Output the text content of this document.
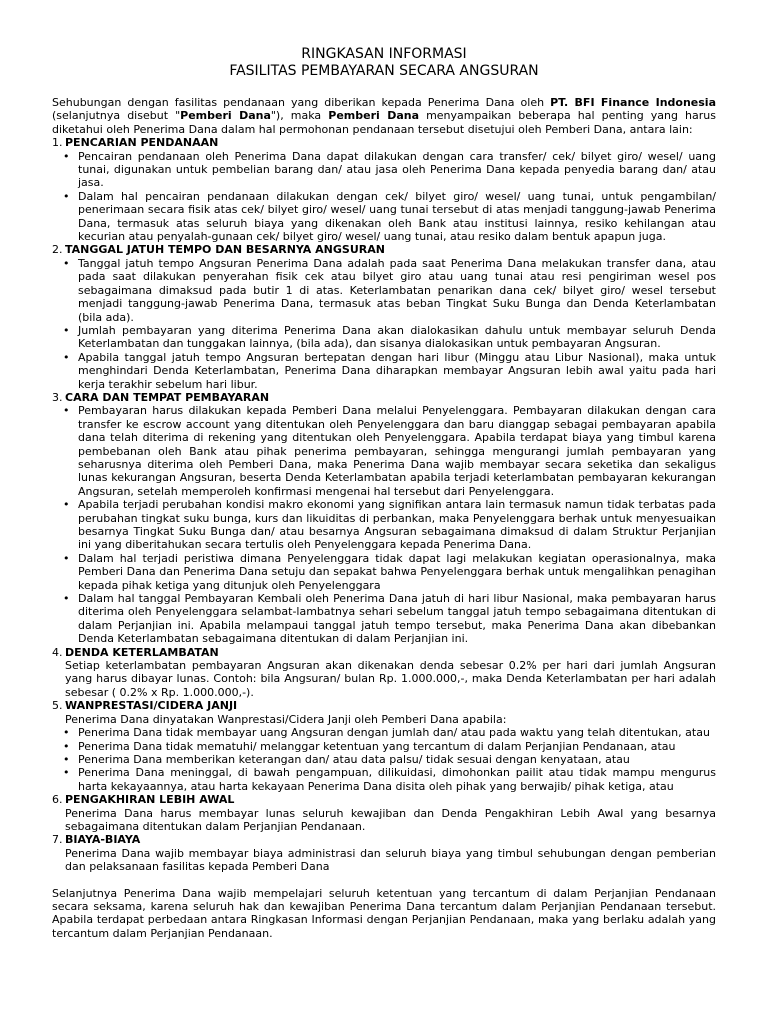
RINGKASAN INFORMASI

FASILITAS PEMBAYARAN SECARA ANGSURAN

Sehubungan dengan fasilitas pendanaan yang diberikan kepada Penerima Dana oleh PT. BFI Finance Indonesia (selanjutnya disebut "Pemberi Dana"), maka Pemberi Dana menyampaikan beberapa hal penting yang harus diketahui oleh Penerima Dana dalam hal permohonan pendanaan tersebut disetujui oleh Pemberi Dana, antara lain:

1. PENCARIAN PENDANAAN

• Pencairan pendanaan oleh Penerima Dana dapat dilakukan dengan cara transfer/ cek/ bilyet giro/ wesel/ uang tunai, digunakan untuk pembelian barang dan/ atau jasa oleh Penerima Dana kepada penyedia barang dan/ atau jasa.
• Dalam hal pencairan pendanaan dilakukan dengan cek/ bilyet giro/ wesel/ uang tunai, untuk pengambilan/ penerimaan secara fisik atas cek/ bilyet giro/ wesel/ uang tunai tersebut di atas menjadi tanggung-jawab Penerima Dana, termasuk atas seluruh biaya yang dikenakan oleh Bank atau institusi lainnya, resiko kehilangan atau kecurian atau penyalah-gunaan cek/ bilyet giro/ wesel/ uang tunai, atau resiko dalam bentuk apapun juga.

2. TANGGAL JATUH TEMPO DAN BESARNYA ANGSURAN

• Tanggal jatuh tempo Angsuran Penerima Dana adalah pada saat Penerima Dana melakukan transfer dana, atau pada saat dilakukan penyerahan fisik cek atau bilyet giro atau uang tunai atau resi pengiriman wesel pos sebagaimana dimaksud pada butir 1 di atas. Keterlambatan penarikan dana cek/ bilyet giro/ wesel tersebut menjadi tanggung-jawab Penerima Dana, termasuk atas beban Tingkat Suku Bunga dan Denda Keterlambatan (bila ada).
• Jumlah pembayaran yang diterima Penerima Dana akan dialokasikan dahulu untuk membayar seluruh Denda Keterlambatan dan tunggakan lainnya, (bila ada), dan sisanya dialokasikan untuk pembayaran Angsuran.
• Apabila tanggal jatuh tempo Angsuran bertepatan dengan hari libur (Minggu atau Libur Nasional), maka untuk menghindari Denda Keterlambatan, Penerima Dana diharapkan membayar Angsuran lebih awal yaitu pada hari kerja terakhir sebelum hari libur.

3. CARA DAN TEMPAT PEMBAYARAN

• Pembayaran harus dilakukan kepada Pemberi Dana melalui Penyelenggara. Pembayaran dilakukan dengan cara transfer ke escrow account yang ditentukan oleh Penyelenggara dan baru dianggap sebagai pembayaran apabila dana telah diterima di rekening yang ditentukan oleh Penyelenggara. Apabila terdapat biaya yang timbul karena pembebanan oleh Bank atau pihak penerima pembayaran, sehingga mengurangi jumlah pembayaran yang seharusnya diterima oleh Pemberi Dana, maka Penerima Dana wajib membayar secara seketika dan sekaligus lunas kekurangan Angsuran, beserta Denda Keterlambatan apabila terjadi keterlambatan pembayaran kekurangan Angsuran, setelah memperoleh konfirmasi mengenai hal tersebut dari Penyelenggara.
• Apabila terjadi perubahan kondisi makro ekonomi yang signifikan antara lain termasuk namun tidak terbatas pada perubahan tingkat suku bunga, kurs dan likuiditas di perbankan, maka Penyelenggara berhak untuk menyesuaikan besarnya Tingkat Suku Bunga dan/ atau besarnya Angsuran sebagaimana dimaksud di dalam Struktur Perjanjian ini yang diberitahukan secara tertulis oleh Penyelenggara kepada Penerima Dana.
• Dalam hal terjadi peristiwa dimana Penyelenggara tidak dapat lagi melakukan kegiatan operasionalnya, maka Pemberi Dana dan Penerima Dana setuju dan sepakat bahwa Penyelenggara berhak untuk mengalihkan penagihan kepada pihak ketiga yang ditunjuk oleh Penyelenggara
• Dalam hal tanggal Pembayaran Kembali oleh Penerima Dana jatuh di hari libur Nasional, maka pembayaran harus diterima oleh Penyelenggara selambat-lambatnya sehari sebelum tanggal jatuh tempo sebagaimana ditentukan di dalam Perjanjian ini. Apabila melampaui tanggal jatuh tempo tersebut, maka Penerima Dana akan dibebankan Denda Keterlambatan sebagaimana ditentukan di dalam Perjanjian ini.

4. DENDA KETERLAMBATAN

Setiap keterlambatan pembayaran Angsuran akan dikenakan denda sebesar 0.2% per hari dari jumlah Angsuran yang harus dibayar lunas. Contoh: bila Angsuran/ bulan Rp. 1.000.000,-, maka Denda Keterlambatan per hari adalah sebesar ( 0.2% x Rp. 1.000.000,-).

5. WANPRESTASI/CIDERA JANJI

Penerima Dana dinyatakan Wanprestasi/Cidera Janji oleh Pemberi Dana apabila:

• Penerima Dana tidak membayar uang Angsuran dengan jumlah dan/ atau pada waktu yang telah ditentukan, atau
• Penerima Dana tidak mematuhi/ melanggar ketentuan yang tercantum di dalam Perjanjian Pendanaan, atau
• Penerima Dana memberikan keterangan dan/ atau data palsu/ tidak sesuai dengan kenyataan, atau
• Penerima Dana meninggal, di bawah pengampuan, dilikuidasi, dimohonkan pailit atau tidak mampu mengurus harta kekayaannya, atau harta kekayaan Penerima Dana disita oleh pihak yang berwajib/ pihak ketiga, atau

6. PENGAKHIRAN LEBIH AWAL

Penerima Dana harus membayar lunas seluruh kewajiban dan Denda Pengakhiran Lebih Awal yang besarnya sebagaimana ditentukan dalam Perjanjian Pendanaan.

7. BIAYA-BIAYA

Penerima Dana wajib membayar biaya administrasi dan seluruh biaya yang timbul sehubungan dengan pemberian dan pelaksanaan fasilitas kepada Pemberi Dana

Selanjutnya Penerima Dana wajib mempelajari seluruh ketentuan yang tercantum di dalam Perjanjian Pendanaan secara seksama, karena seluruh hak dan kewajiban Penerima Dana tercantum dalam Perjanjian Pendanaan tersebut. Apabila terdapat perbedaan antara Ringkasan Informasi dengan Perjanjian Pendanaan, maka yang berlaku adalah yang tercantum dalam Perjanjian Pendanaan.
